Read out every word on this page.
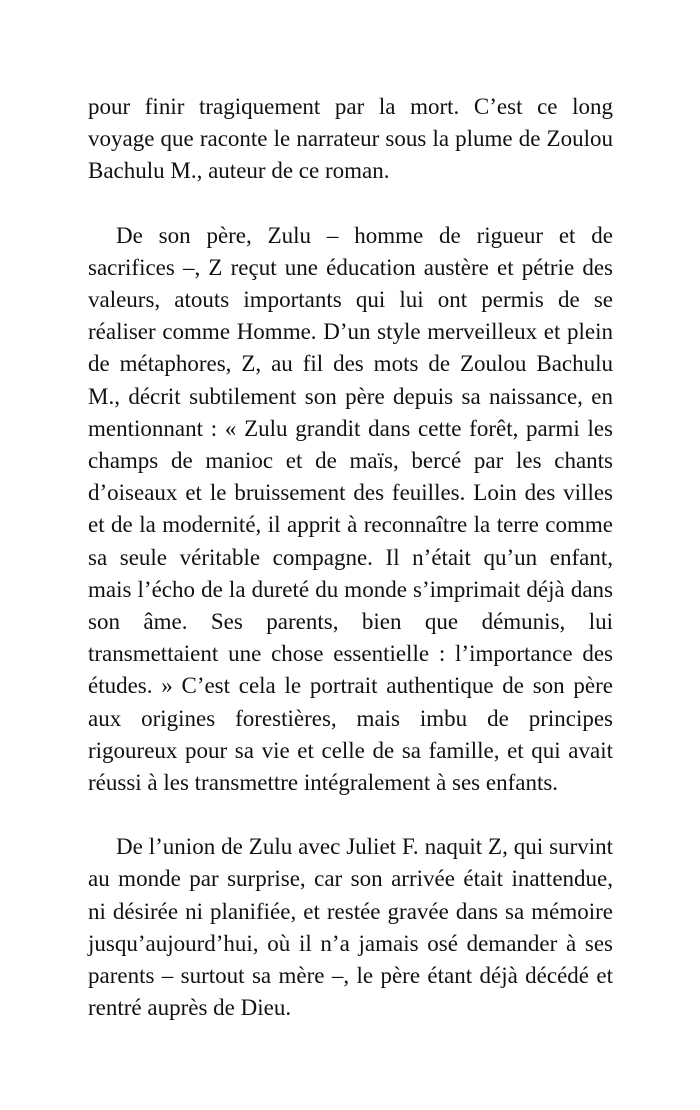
pour finir tragiquement par la mort. C’est ce long voyage que raconte le narrateur sous la plume de Zoulou Bachulu M., auteur de ce roman.

De son père, Zulu – homme de rigueur et de sacrifices –, Z reçut une éducation austère et pétrie des valeurs, atouts importants qui lui ont permis de se réaliser comme Homme. D’un style merveilleux et plein de métaphores, Z, au fil des mots de Zoulou Bachulu M., décrit subtilement son père depuis sa naissance, en mentionnant : « Zulu grandit dans cette forêt, parmi les champs de manioc et de maïs, bercé par les chants d’oiseaux et le bruissement des feuilles. Loin des villes et de la modernité, il apprit à reconnaître la terre comme sa seule véritable compagne. Il n’était qu’un enfant, mais l’écho de la dureté du monde s’imprimait déjà dans son âme. Ses parents, bien que démunis, lui transmettaient une chose essentielle : l’importance des études. » C’est cela le portrait authentique de son père aux origines forestières, mais imbu de principes rigoureux pour sa vie et celle de sa famille, et qui avait réussi à les transmettre intégralement à ses enfants.

De l’union de Zulu avec Juliet F. naquit Z, qui survint au monde par surprise, car son arrivée était inattendue, ni désirée ni planifiée, et restée gravée dans sa mémoire jusqu’aujourd’hui, où il n’a jamais osé demander à ses parents – surtout sa mère –, le père étant déjà décédé et rentré auprès de Dieu.
